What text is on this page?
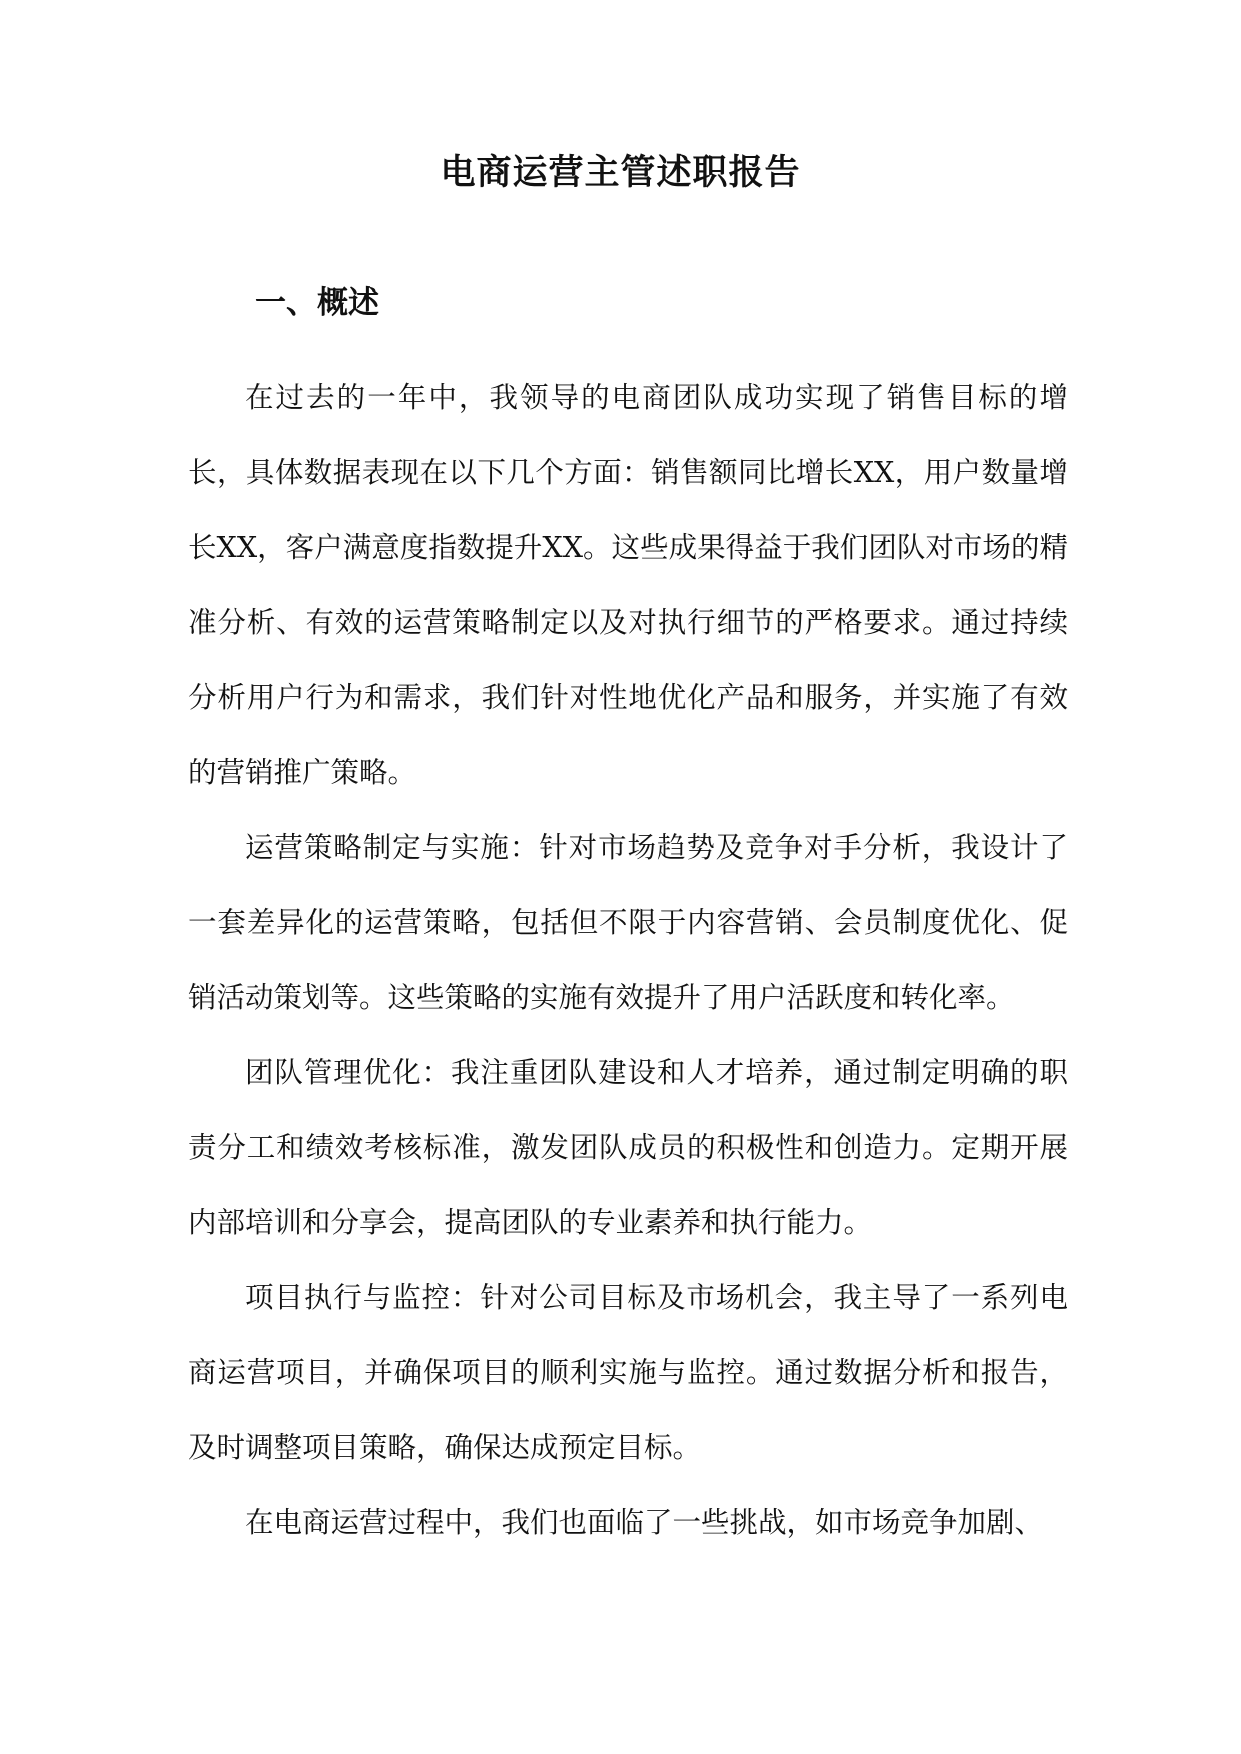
电商运营主管述职报告
一、概述

在过去的一年中，我领导的电商团队成功实现了销售目标的增长，具体数据表现在以下几个方面：销售额同比增长XX，用户数量增长XX，客户满意度指数提升XX。这些成果得益于我们团队对市场的精准分析、有效的运营策略制定以及对执行细节的严格要求。通过持续分析用户行为和需求，我们针对性地优化产品和服务，并实施了有效的营销推广策略。

运营策略制定与实施：针对市场趋势及竞争对手分析，我设计了一套差异化的运营策略，包括但不限于内容营销、会员制度优化、促销活动策划等。这些策略的实施有效提升了用户活跃度和转化率。

团队管理优化：我注重团队建设和人才培养，通过制定明确的职责分工和绩效考核标准，激发团队成员的积极性和创造力。定期开展内部培训和分享会，提高团队的专业素养和执行能力。

项目执行与监控：针对公司目标及市场机会，我主导了一系列电商运营项目，并确保项目的顺利实施与监控。通过数据分析和报告，及时调整项目策略，确保达成预定目标。

在电商运营过程中，我们也面临了一些挑战，如市场竞争加剧、
